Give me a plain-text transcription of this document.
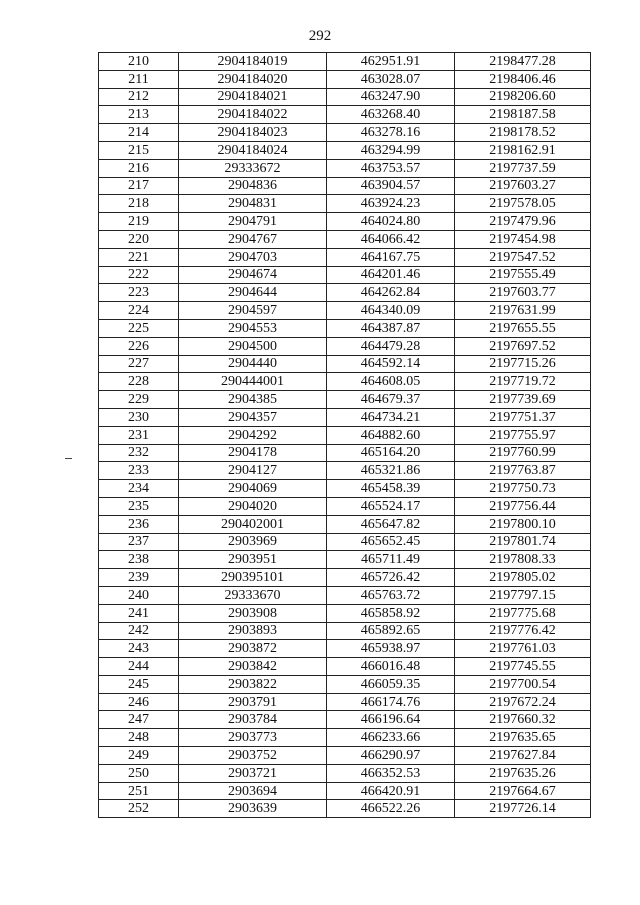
292
210	2904184019	462951.91	2198477.28
211	2904184020	463028.07	2198406.46
212	2904184021	463247.90	2198206.60
213	2904184022	463268.40	2198187.58
214	2904184023	463278.16	2198178.52
215	2904184024	463294.99	2198162.91
216	29333672	463753.57	2197737.59
217	2904836	463904.57	2197603.27
218	2904831	463924.23	2197578.05
219	2904791	464024.80	2197479.96
220	2904767	464066.42	2197454.98
221	2904703	464167.75	2197547.52
222	2904674	464201.46	2197555.49
223	2904644	464262.84	2197603.77
224	2904597	464340.09	2197631.99
225	2904553	464387.87	2197655.55
226	2904500	464479.28	2197697.52
227	2904440	464592.14	2197715.26
228	290444001	464608.05	2197719.72
229	2904385	464679.37	2197739.69
230	2904357	464734.21	2197751.37
231	2904292	464882.60	2197755.97
232	2904178	465164.20	2197760.99
233	2904127	465321.86	2197763.87
234	2904069	465458.39	2197750.73
235	2904020	465524.17	2197756.44
236	290402001	465647.82	2197800.10
237	2903969	465652.45	2197801.74
238	2903951	465711.49	2197808.33
239	290395101	465726.42	2197805.02
240	29333670	465763.72	2197797.15
241	2903908	465858.92	2197775.68
242	2903893	465892.65	2197776.42
243	2903872	465938.97	2197761.03
244	2903842	466016.48	2197745.55
245	2903822	466059.35	2197700.54
246	2903791	466174.76	2197672.24
247	2903784	466196.64	2197660.32
248	2903773	466233.66	2197635.65
249	2903752	466290.97	2197627.84
250	2903721	466352.53	2197635.26
251	2903694	466420.91	2197664.67
252	2903639	466522.26	2197726.14
